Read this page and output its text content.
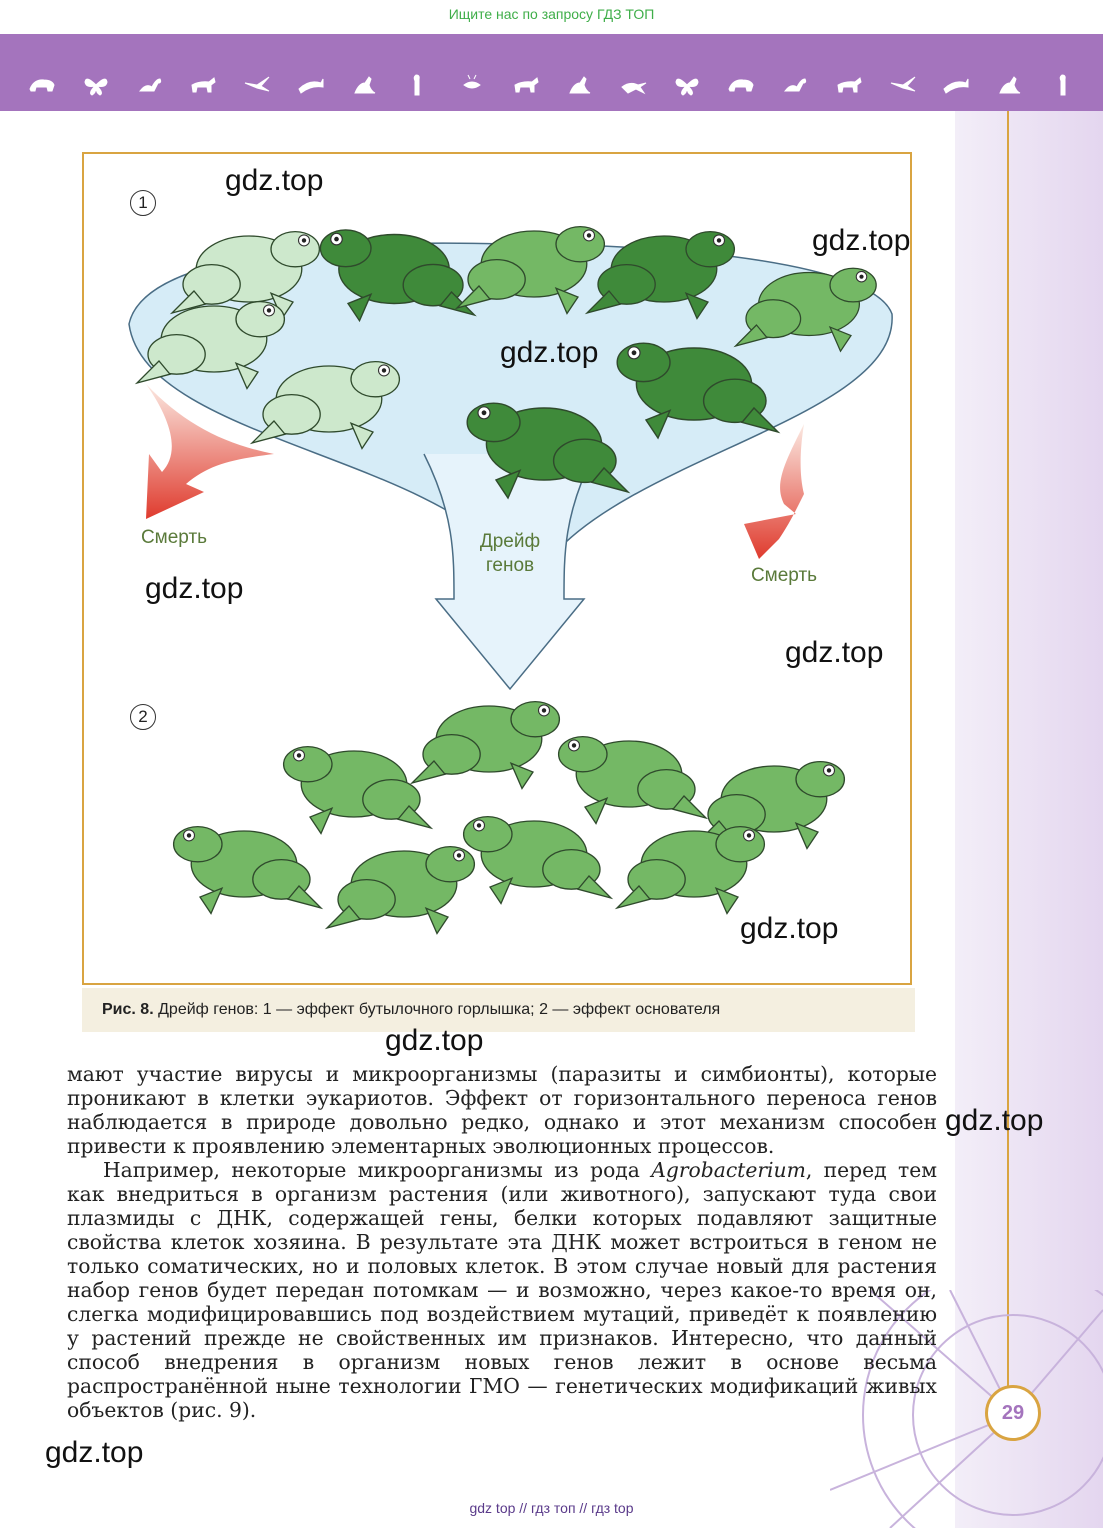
Ищите нас по запросу ГДЗ ТОП
1
2
Смерть
Смерть
Дрейф
генов
Рис. 8. Дрейф генов: 1 — эффект бутылочного горлышка; 2 — эффект основателя

мают участие вирусы и микроорганизмы (паразиты и симбионты), которые проникают в клетки эукариотов. Эффект от горизонтального переноса генов наблюдается в природе довольно редко, однако и этот механизм способен привести к проявлению элементарных эволюционных процессов.

Например, некоторые микроорганизмы из рода Agrobacterium, перед тем как внедриться в организм растения (или животного), запускают туда свои плазмиды с ДНК, содержащей гены, белки которых подавляют защитные свойства клеток хозяина. В результате эта ДНК может встроиться в геном не только соматических, но и половых клеток. В этом случае новый для растения набор генов будет передан потомкам — и возможно, через какое-то время он, слегка модифицировавшись под воздействием мутаций, приведёт к появлению у растений прежде не свойственных им признаков. Интересно, что данный способ внедрения в организм новых генов лежит в основе весьма распространённой ныне технологии ГМО — генетических модификаций живых объектов (рис. 9).

gdz.top
gdz.top
gdz.top
gdz.top
gdz.top
gdz.top
gdz.top
gdz.top
gdz.top
29
gdz top // гдз топ // гдз top
